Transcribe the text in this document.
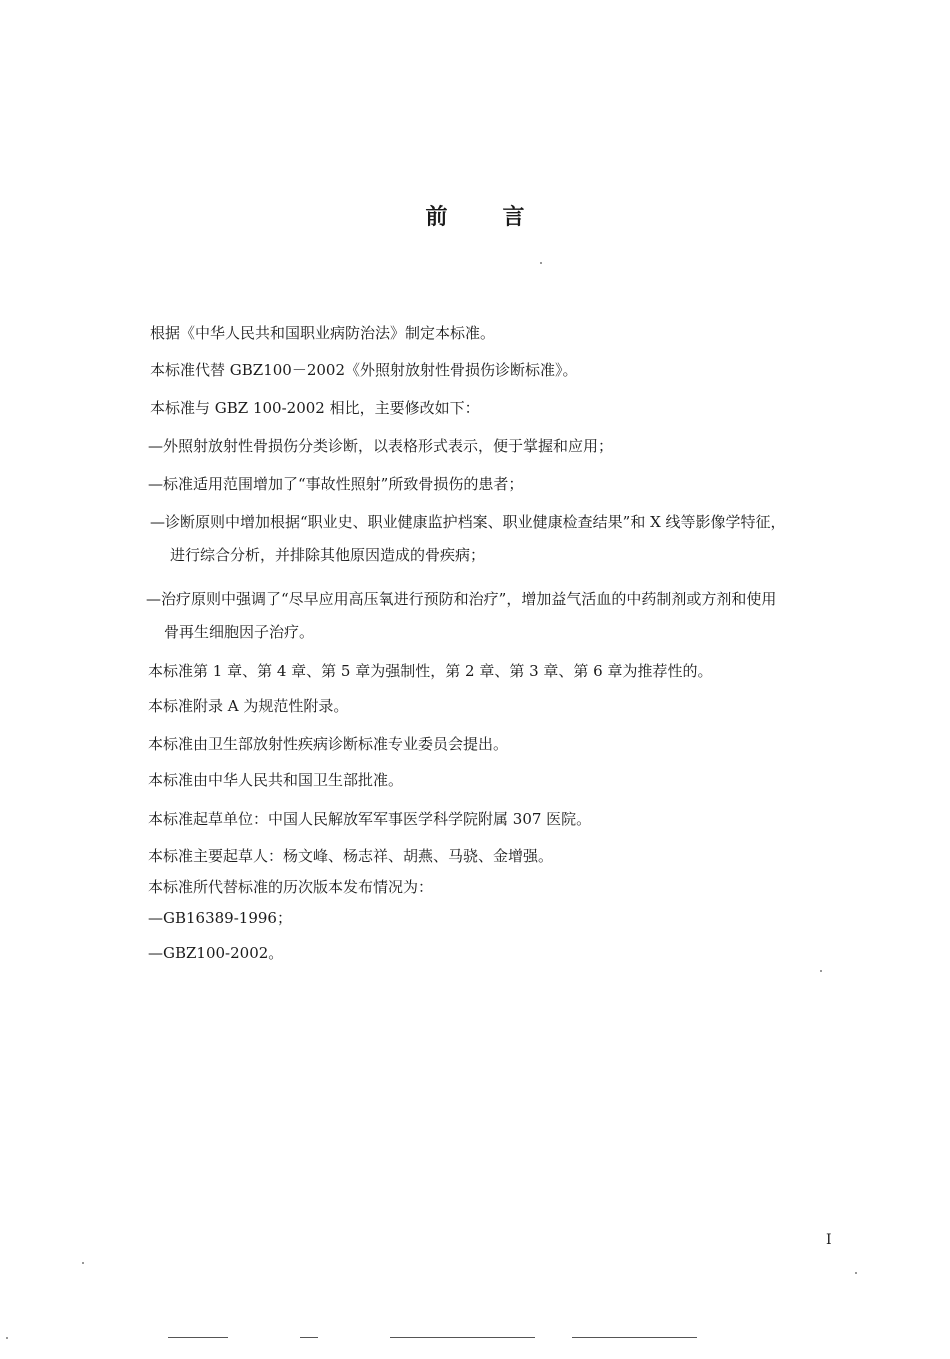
前	言
根据《中华人民共和国职业病防治法》制定本标准。
本标准代替 GBZ100－2002《外照射放射性骨损伤诊断标准》。
本标准与 GBZ 100-2002 相比，主要修改如下：
—外照射放射性骨损伤分类诊断，以表格形式表示，便于掌握和应用；
—标准适用范围增加了“事故性照射”所致骨损伤的患者；
—诊断原则中增加根据“职业史、职业健康监护档案、职业健康检查结果”和 X 线等影像学特征，
进行综合分析，并排除其他原因造成的骨疾病；
—治疗原则中强调了“尽早应用高压氧进行预防和治疗”，增加益气活血的中药制剂或方剂和使用
骨再生细胞因子治疗。
本标准第 1 章、第 4 章、第 5 章为强制性，第 2 章、第 3 章、第 6 章为推荐性的。
本标准附录 A 为规范性附录。
本标准由卫生部放射性疾病诊断标准专业委员会提出。
本标准由中华人民共和国卫生部批准。
本标准起草单位：中国人民解放军军事医学科学院附属 307 医院。
本标准主要起草人：杨文峰、杨志祥、胡燕、马骁、金增强。
本标准所代替标准的历次版本发布情况为：
—GB16389-1996；
—GBZ100-2002。
I
